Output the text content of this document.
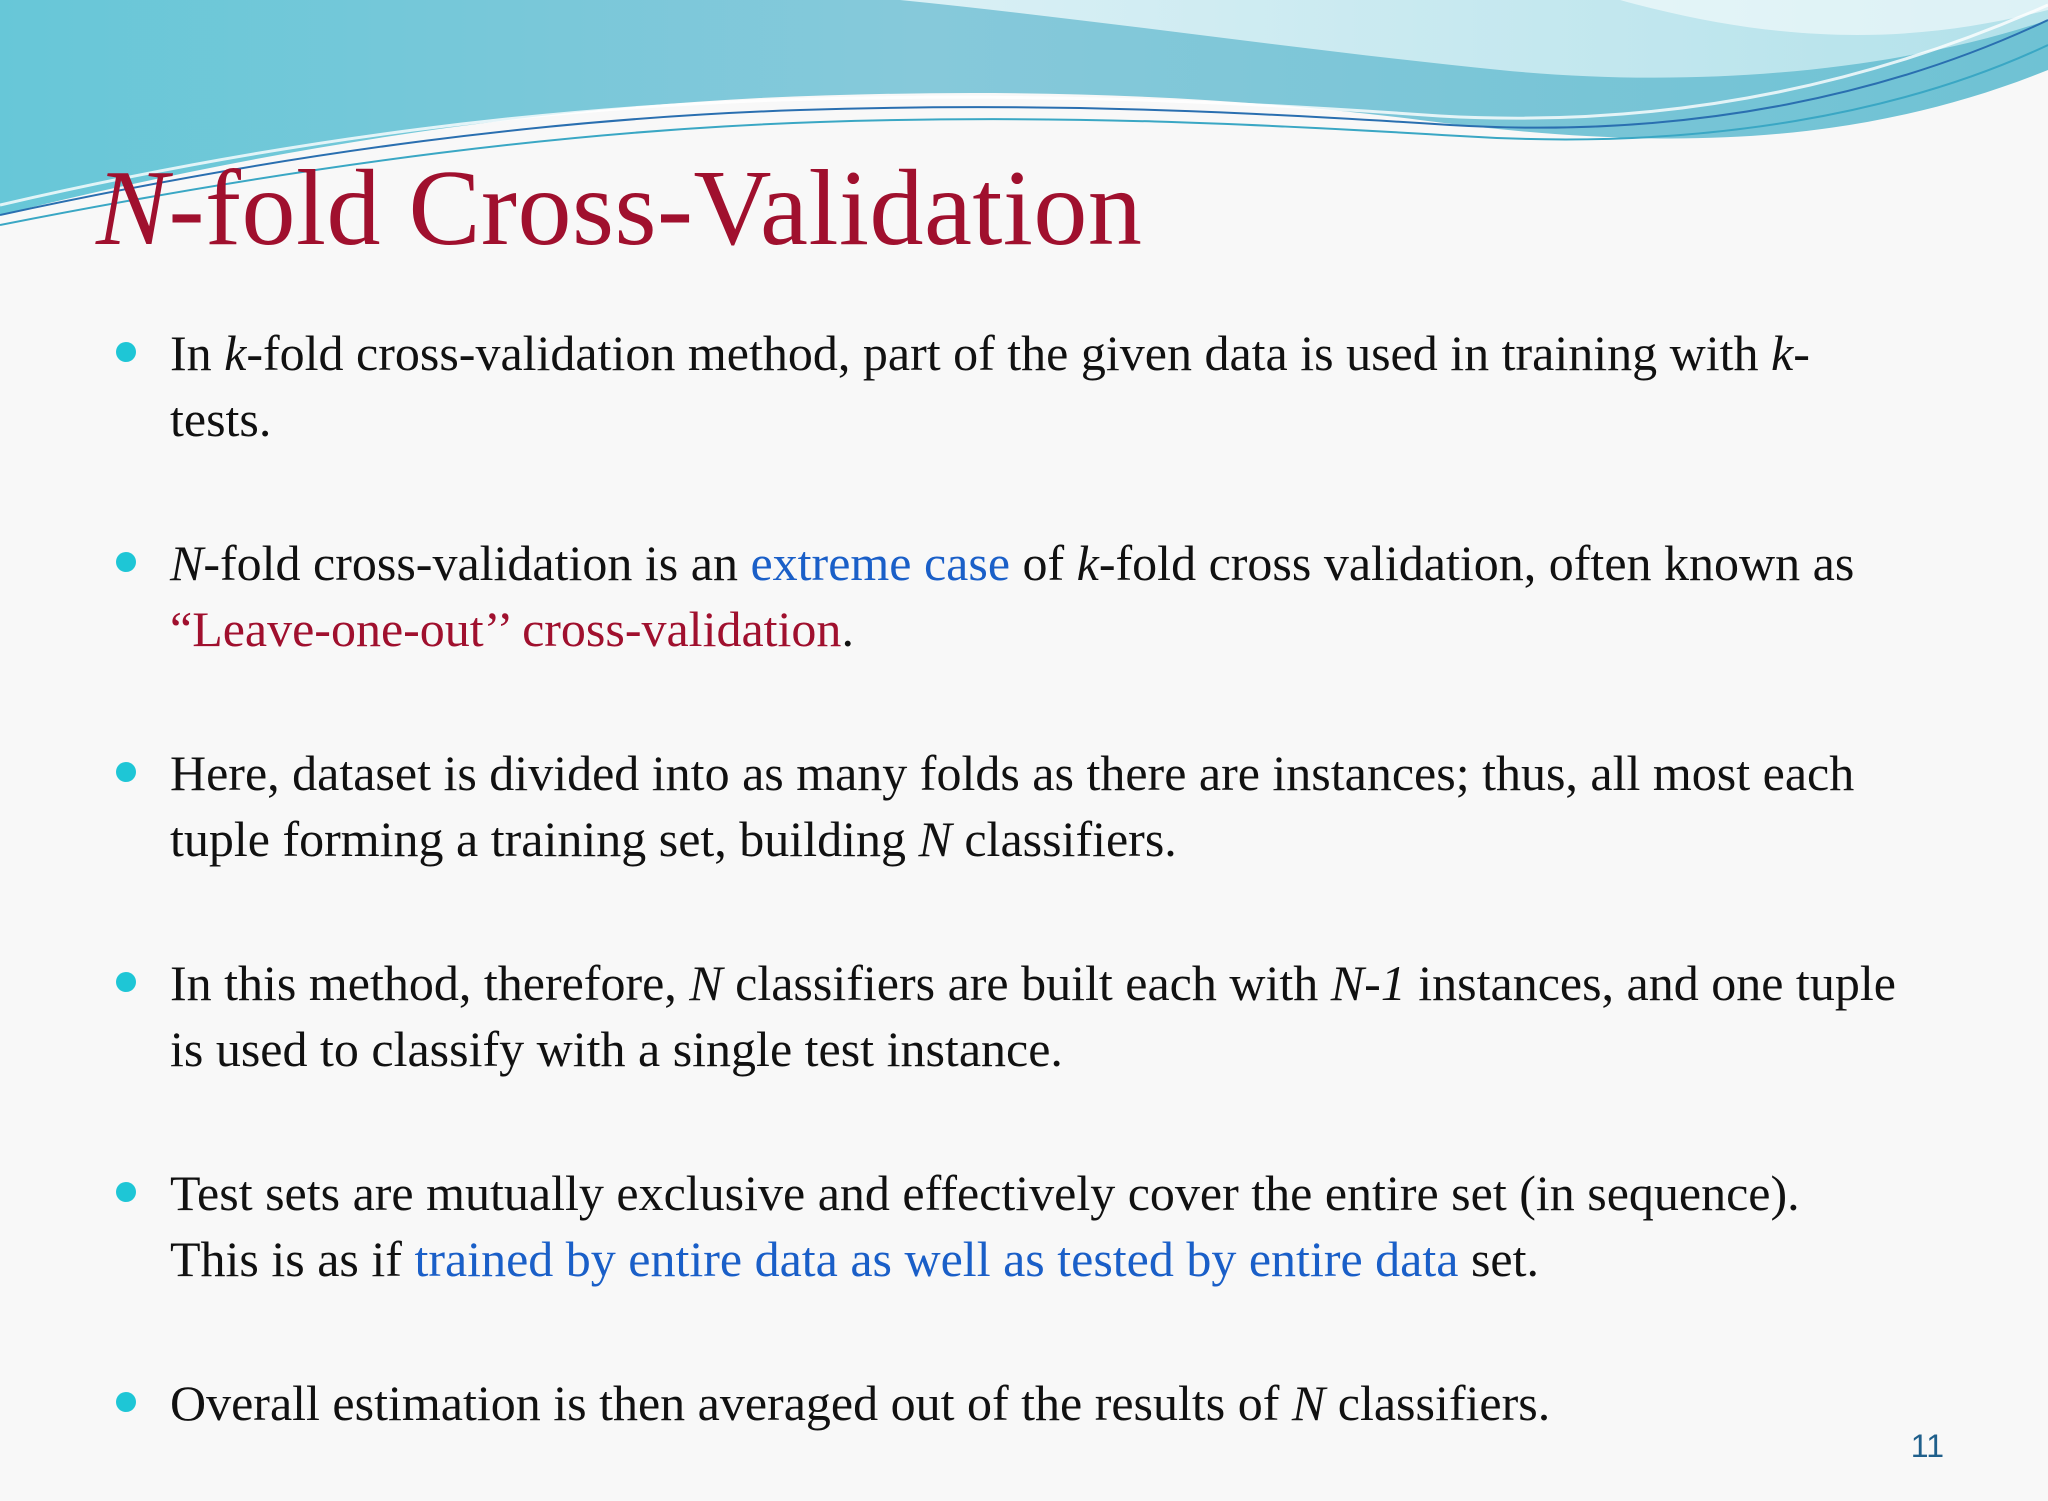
N-fold Cross-Validation
In k-fold cross-validation method, part of the given data is used in training with k-tests.
N-fold cross-validation is an extreme case of k-fold cross validation, often known as “Leave-one-out’’ cross-validation.
Here, dataset is divided into as many folds as there are instances; thus, all most each tuple forming a training set, building N classifiers.
In this method, therefore, N classifiers are built each with N-1 instances, and one tuple is used to classify with a single test instance.
Test sets are mutually exclusive and effectively cover the entire set (in sequence). This is as if trained by entire data as well as tested by entire data set.
Overall estimation is then averaged out of the results of N classifiers.
11
